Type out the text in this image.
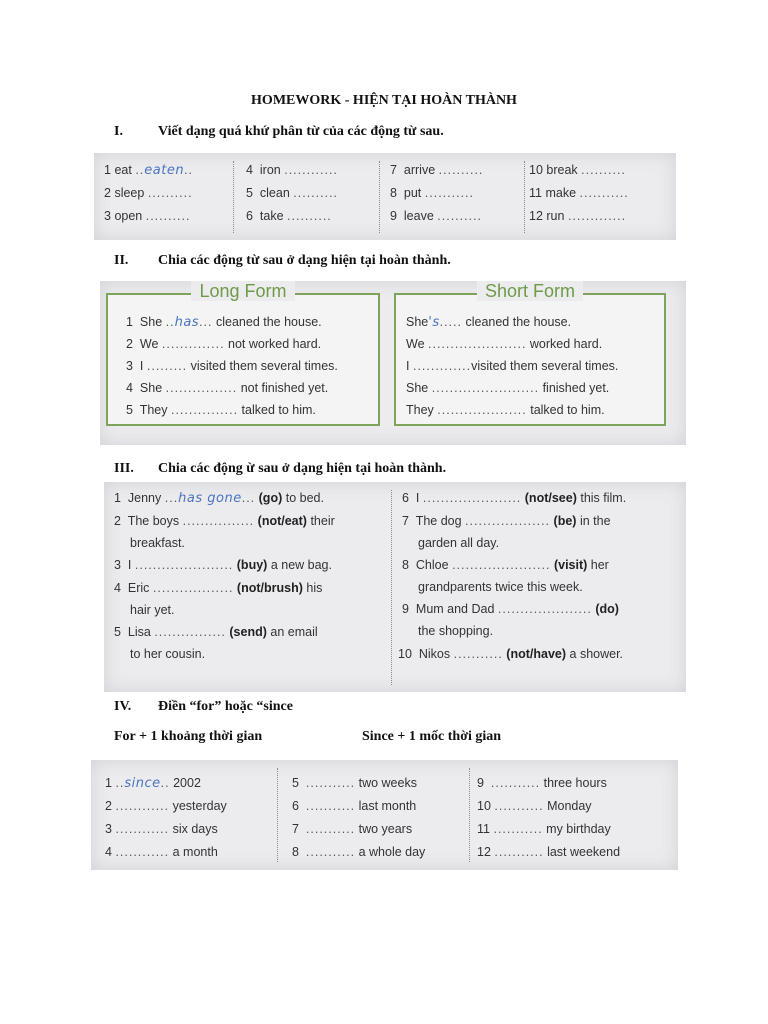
HOMEWORK - HIỆN TẠI HOÀN THÀNH
I.	Viết dạng quá khứ phân từ của các động từ sau.
1 eat ..eaten..
2 sleep ..........
3 open ..........
4 iron ............
5 clean ..........
6 take ..........
7 arrive ..........
8 put ...........
9 leave ..........
10 break ..........
11 make ...........
12 run .............
II. Chia các động từ sau ở dạng hiện tại hoàn thành.
Long Form
1 She ..has... cleaned the house.
2 We .............. not worked hard.
3 I ......... visited them several times.
4 She ................ not finished yet.
5 They ............... talked to him.
Short Form
She's..... cleaned the house.
We ...................... worked hard.
I .............visited them several times.
She ........................ finished yet.
They .................... talked to him.
III. Chia các động ừ sau ở dạng hiện tại hoàn thành.
1 Jenny ...has gone... (go) to bed.
2 The boys ................ (not/eat) their
breakfast.
3 I ...................... (buy) a new bag.
4 Eric .................. (not/brush) his
hair yet.
5 Lisa ................ (send) an email
to her cousin.
6 I ...................... (not/see) this film.
7 The dog ................... (be) in the
garden all day.
8 Chloe ...................... (visit) her
grandparents twice this week.
9 Mum and Dad ..................... (do)
the shopping.
10 Nikos ........... (not/have) a shower.
IV. Điền “for” hoặc “since
For + 1 khoảng thời gian	Since + 1 mốc thời gian
1 ..since.. 2002
2 ............ yesterday
3 ............ six days
4 ............ a month
5 ........... two weeks
6 ........... last month
7 ........... two years
8 ........... a whole day
9 ........... three hours
10 ........... Monday
11 ........... my birthday
12 ........... last weekend
